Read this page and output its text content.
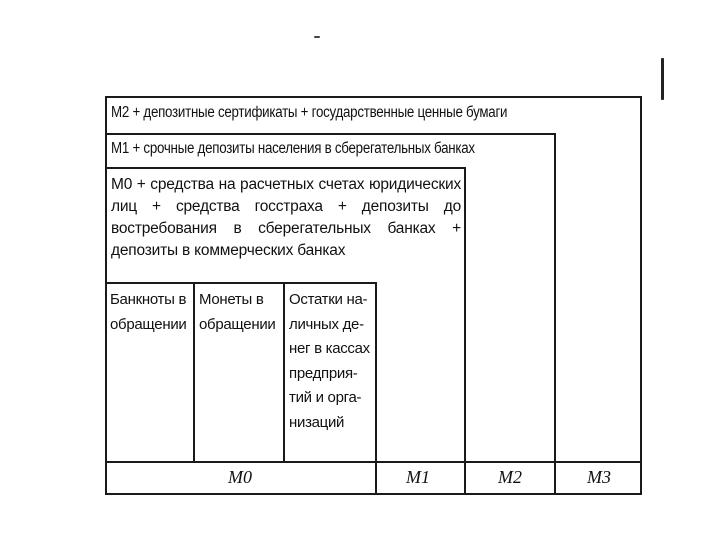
М2 + депозитные сертификаты + государственные ценные бумаги
М1 + срочные депозиты населения в сберегательных банках
М0 + средства на расчетных счетах юридических лиц + средства госстраха + депозиты до востребования в сберегательных банках + депозиты в коммерческих банках
Банкноты в
обращении
Монеты в
обращении
Остатки на-
личных де-
нег в кассах
предприя-
тий и орга-
низаций
М0	М1	М2	М3
